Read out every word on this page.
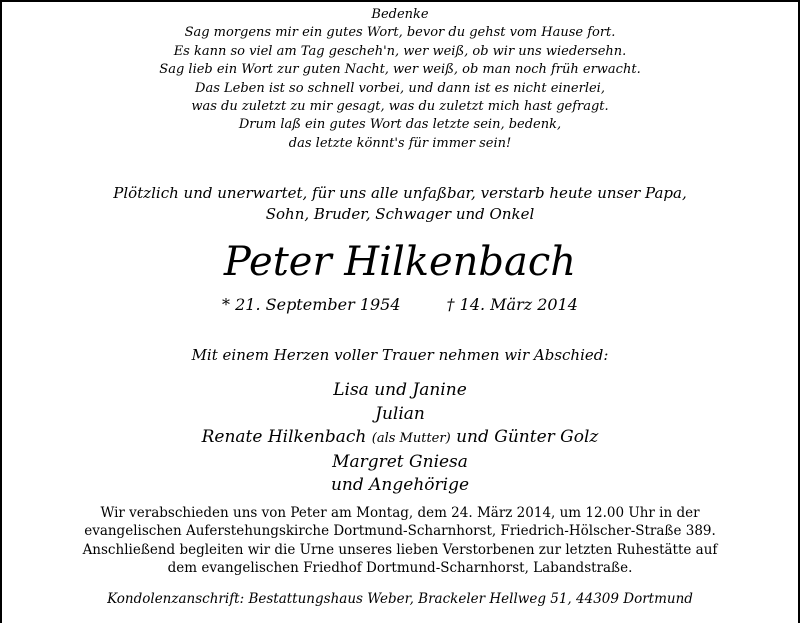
Bedenke
Sag morgens mir ein gutes Wort, bevor du gehst vom Hause fort.
Es kann so viel am Tag gescheh'n, wer weiß, ob wir uns wiedersehn.
Sag lieb ein Wort zur guten Nacht, wer weiß, ob man noch früh erwacht.
Das Leben ist so schnell vorbei, und dann ist es nicht einerlei,
was du zuletzt zu mir gesagt, was du zuletzt mich hast gefragt.
Drum laß ein gutes Wort das letzte sein, bedenk,
das letzte könnt's für immer sein!
Plötzlich und unerwartet, für uns alle unfaßbar, verstarb heute unser Papa,
Sohn, Bruder, Schwager und Onkel
Peter Hilkenbach
* 21. September 1954	† 14. März 2014
Mit einem Herzen voller Trauer nehmen wir Abschied:
Lisa und Janine
Julian
Renate Hilkenbach (als Mutter) und Günter Golz
Margret Gniesa
und Angehörige
Wir verabschieden uns von Peter am Montag, dem 24. März 2014, um 12.00 Uhr in der
evangelischen Auferstehungskirche Dortmund-Scharnhorst, Friedrich-Hölscher-Straße 389.
Anschließend begleiten wir die Urne unseres lieben Verstorbenen zur letzten Ruhestätte auf
dem evangelischen Friedhof Dortmund-Scharnhorst, Labandstraße.
Kondolenzanschrift: Bestattungshaus Weber, Brackeler Hellweg 51, 44309 Dortmund
